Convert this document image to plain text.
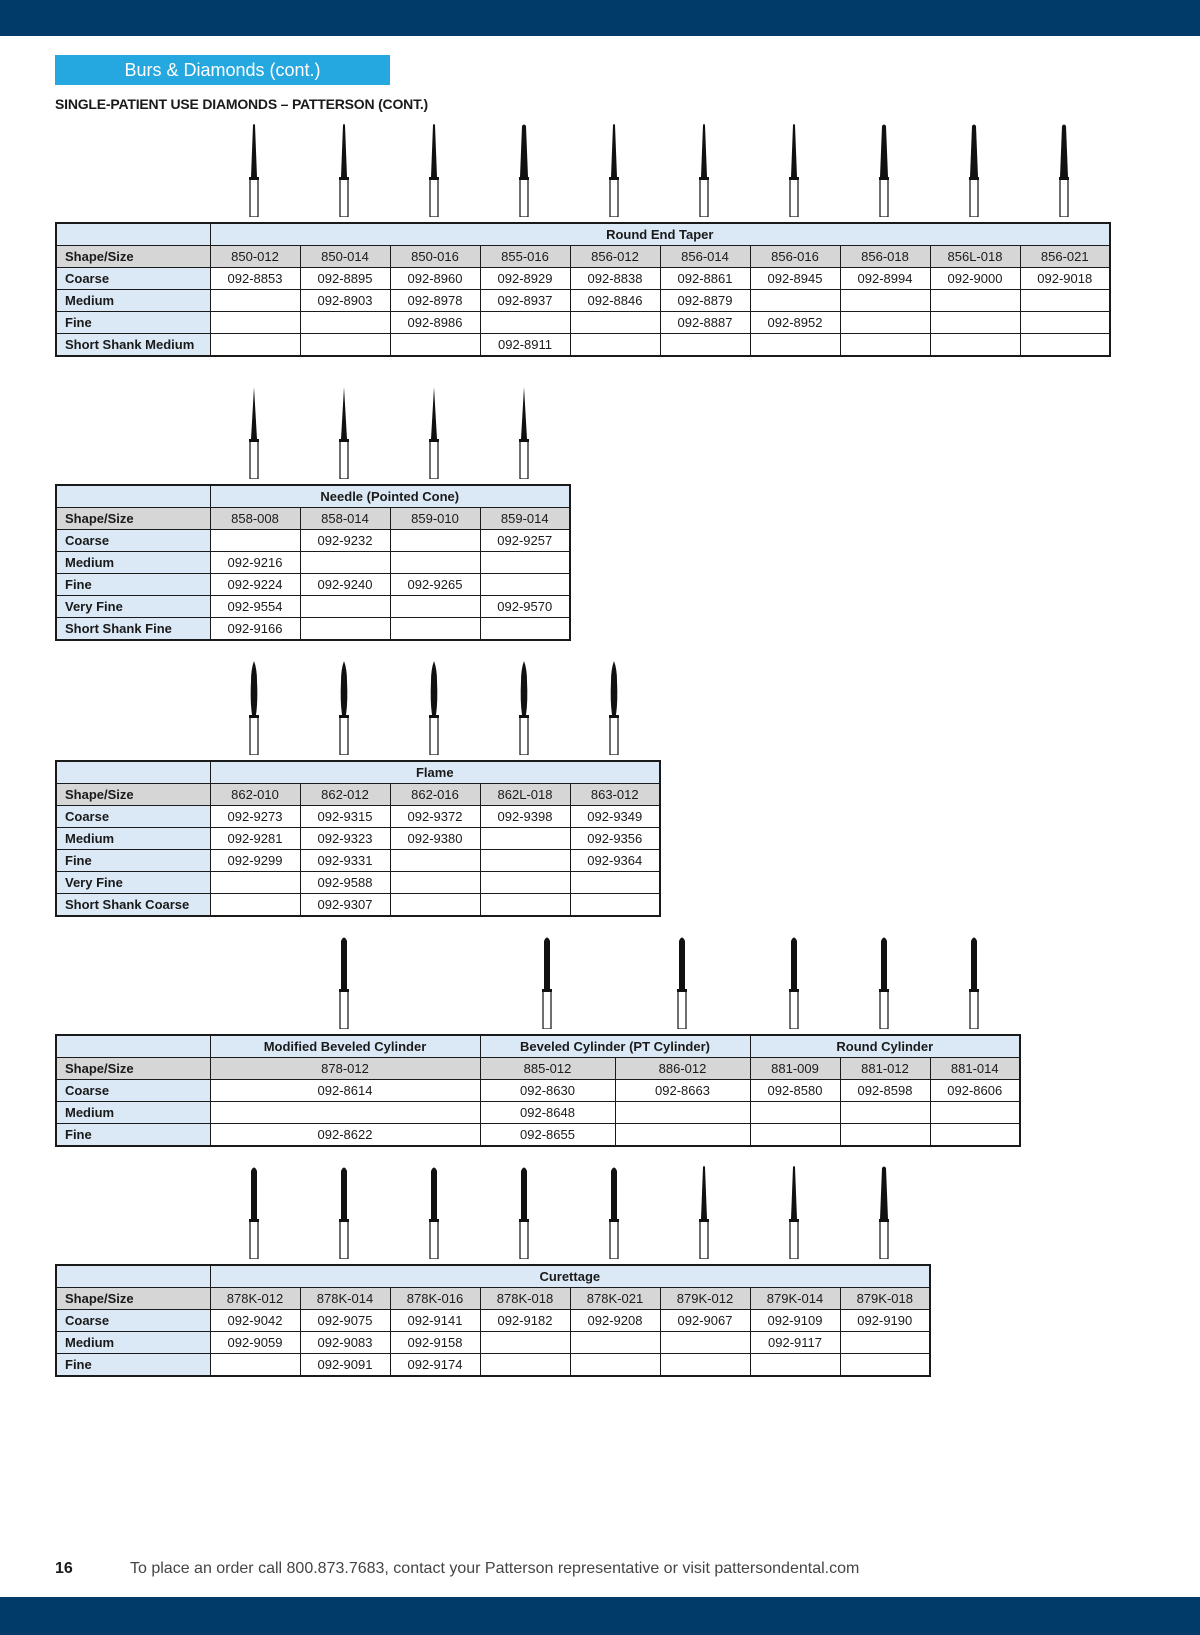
Burs & Diamonds (cont.)
SINGLE-PATIENT USE DIAMONDS – PATTERSON (CONT.)
	Round End Taper									
Shape/Size	850-012	850-014	850-016	855-016	856-012	856-014	856-016	856-018	856L-018	856-021
Coarse	092-8853	092-8895	092-8960	092-8929	092-8838	092-8861	092-8945	092-8994	092-9000	092-9018
Medium		092-8903	092-8978	092-8937	092-8846	092-8879				
Fine			092-8986			092-8887	092-8952			
Short Shank Medium				092-8911						
	Needle (Pointed Cone)			
Shape/Size	858-008	858-014	859-010	859-014
Coarse		092-9232		092-9257
Medium	092-9216			
Fine	092-9224	092-9240	092-9265	
Very Fine	092-9554			092-9570
Short Shank Fine	092-9166			
	Flame				
Shape/Size	862-010	862-012	862-016	862L-018	863-012
Coarse	092-9273	092-9315	092-9372	092-9398	092-9349
Medium	092-9281	092-9323	092-9380		092-9356
Fine	092-9299	092-9331			092-9364
Very Fine		092-9588			
Short Shank Coarse		092-9307			
	Modified Beveled Cylinder	Beveled Cylinder (PT Cylinder)		Round Cylinder		
Shape/Size	878-012	885-012	886-012	881-009	881-012	881-014
Coarse	092-8614	092-8630	092-8663	092-8580	092-8598	092-8606
Medium		092-8648				
Fine	092-8622	092-8655				
	Curettage							
Shape/Size	878K-012	878K-014	878K-016	878K-018	878K-021	879K-012	879K-014	879K-018
Coarse	092-9042	092-9075	092-9141	092-9182	092-9208	092-9067	092-9109	092-9190
Medium	092-9059	092-9083	092-9158				092-9117	
Fine		092-9091	092-9174					
16	To place an order call 800.873.7683, contact your Patterson representative or visit pattersondental.com
